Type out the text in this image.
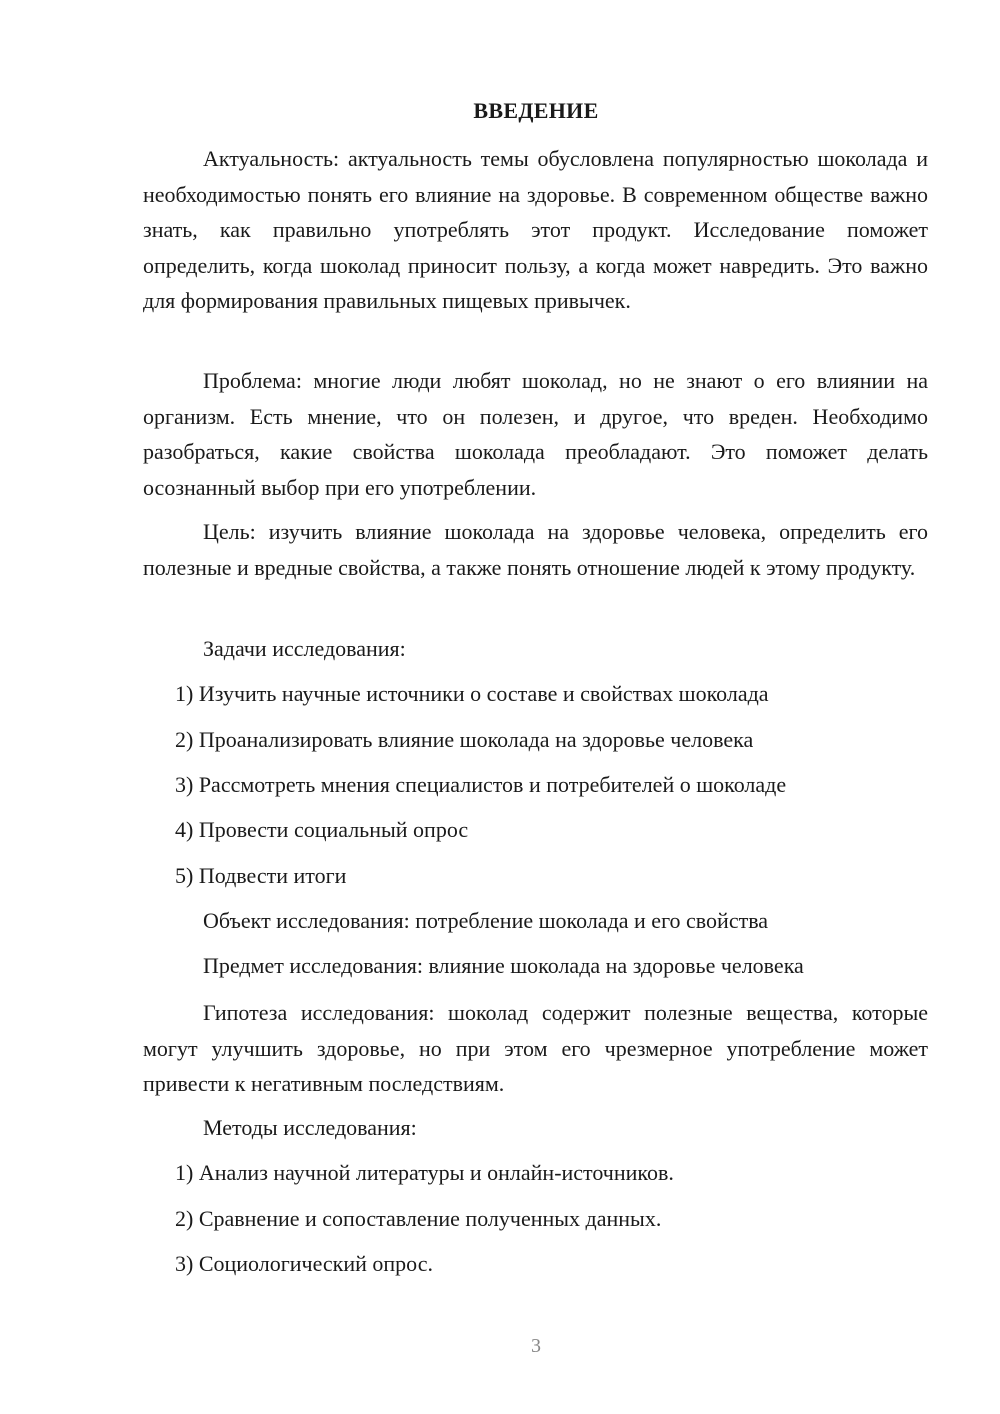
ВВЕДЕНИЕ

Актуальность: актуальность темы обусловлена популярностью шоколада и необходимостью понять его влияние на здоровье. В современном обществе важно знать, как правильно употреблять этот продукт. Исследование поможет определить, когда шоколад приносит пользу, а когда может навредить. Это важно для формирования правильных пищевых привычек.

Проблема: многие люди любят шоколад, но не знают о его влиянии на организм. Есть мнение, что он полезен, и другое, что вреден. Необходимо разобраться, какие свойства шоколада преобладают. Это поможет делать осознанный выбор при его употреблении.

Цель: изучить влияние шоколада на здоровье человека, определить его полезные и вредные свойства, а также понять отношение людей к этому продукту.

Задачи исследования:

1) Изучить научные источники о составе и свойствах шоколада

2) Проанализировать влияние шоколада на здоровье человека

3) Рассмотреть мнения специалистов и потребителей о шоколаде

4) Провести социальный опрос

5) Подвести итоги

Объект исследования: потребление шоколада и его свойства

Предмет исследования: влияние шоколада на здоровье человека

Гипотеза исследования: шоколад содержит полезные вещества, которые могут улучшить здоровье, но при этом его чрезмерное употребление может привести к негативным последствиям.

Методы исследования:

1) Анализ научной литературы и онлайн-источников.

2) Сравнение и сопоставление полученных данных.

3) Социологический опрос.

3
